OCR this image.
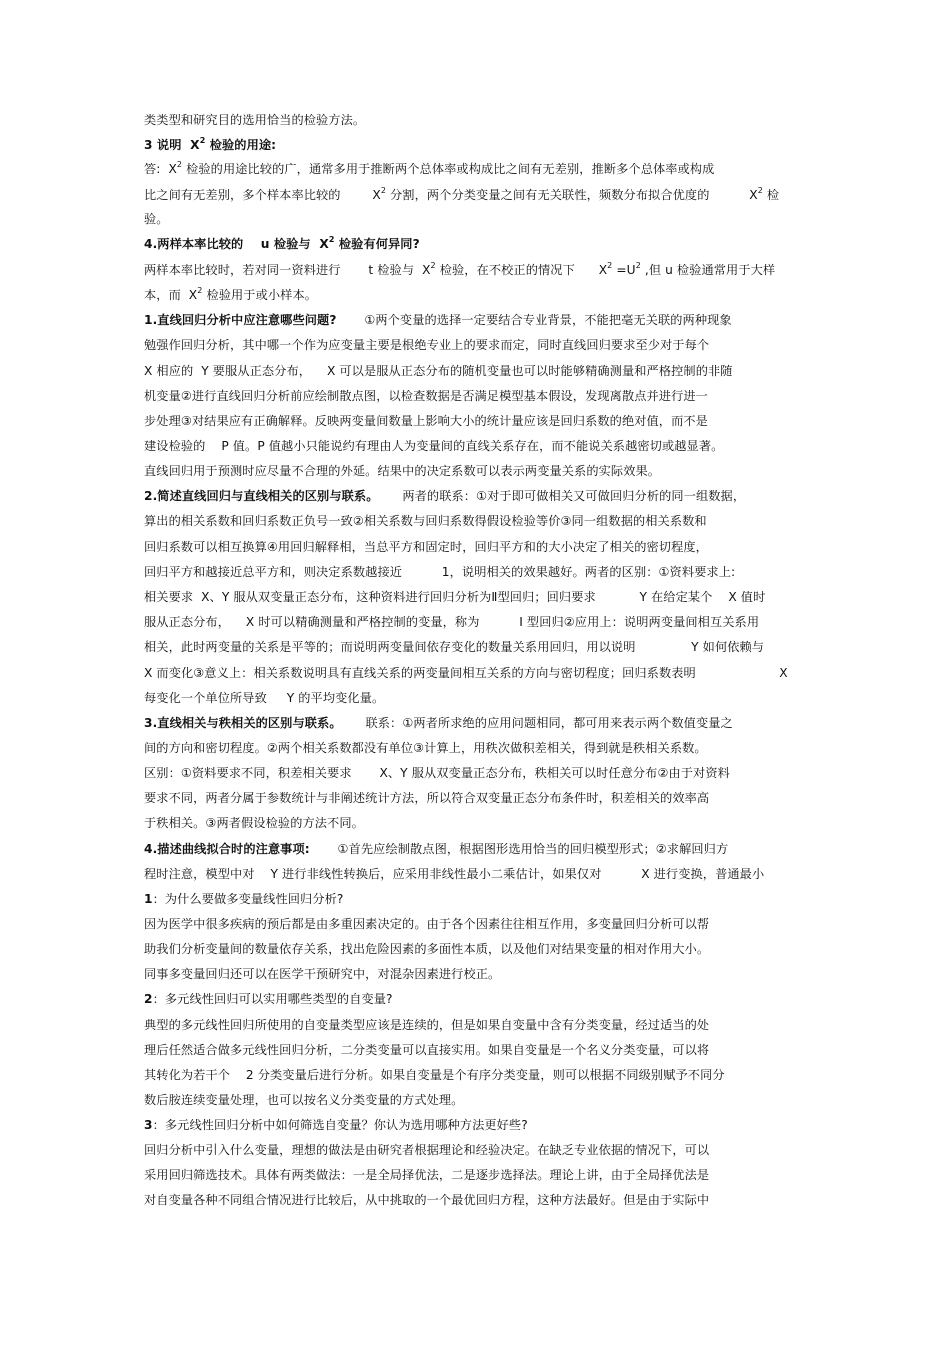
类类型和研究目的选用恰当的检验方法。
3 说明  $X^2$ 检验的用途:
答:  $X^2$ 检验的用途比较的广，通常多用于推断两个总体率或构成比之间有无差别，推断多个总体率或构成
比之间有无差别，多个样本率比较的        $X^2$ 分割，两个分类变量之间有无关联性，频数分布拟合优度的          $X^2$ 检
验。
4.两样本率比较的    u 检验与  $X^2$ 检验有何异同?
两样本率比较时，若对同一资料进行       t 检验与  $X^2$ 检验，在不校正的情况下      $X^2 =U^2$ ,但 u 检验通常用于大样
本，而  $X^2$ 检验用于或小样本。
1.直线回归分析中应注意哪些问题?       ①两个变量的选择一定要结合专业背景，不能把毫无关联的两种现象
勉强作回归分析，其中哪一个作为应变量主要是根绝专业上的要求而定，同时直线回归要求至少对于每个
X 相应的  Y 要服从正态分布，    X 可以是服从正态分布的随机变量也可以时能够精确测量和严格控制的非随
机变量②进行直线回归分析前应绘制散点图，以检查数据是否满足模型基本假设，发现离散点并进行进一
步处理③对结果应有正确解释。反映两变量间数量上影响大小的统计量应该是回归系数的绝对值，而不是
建设检验的    P 值。P 值越小只能说约有理由人为变量间的直线关系存在，而不能说关系越密切或越显著。
直线回归用于预测时应尽量不合理的外延。结果中的决定系数可以表示两变量关系的实际效果。
2.简述直线回归与直线相关的区别与联系。      两者的联系：①对于即可做相关又可做回归分析的同一组数据，
算出的相关系数和回归系数正负号一致②相关系数与回归系数得假设检验等价③同一组数据的相关系数和
回归系数可以相互换算④用回归解释相，当总平方和固定时，回归平方和的大小决定了相关的密切程度，
回归平方和越接近总平方和，则决定系数越接近          1，说明相关的效果越好。两者的区别：①资料要求上:
相关要求  X、Y 服从双变量正态分布，这种资料进行回归分析为Ⅱ型回归；回归要求           Y 在给定某个    X 值时
服从正态分布，    X 时可以精确测量和严格控制的变量，称为          Ⅰ 型回归②应用上：说明两变量间相互关系用
相关，此时两变量的关系是平等的；而说明两变量间依存变化的数量关系用回归，用以说明              Y 如何依赖与
X 而变化③意义上：相关系数说明具有直线关系的两变量间相互关系的方向与密切程度；回归系数表明                     X
每变化一个单位所导致     Y 的平均变化量。
3.直线相关与秩相关的区别与联系。      联系：①两者所求绝的应用问题相同，都可用来表示两个数值变量之
间的方向和密切程度。②两个相关系数都没有单位③计算上，用秩次做积差相关，得到就是秩相关系数。
区别：①资料要求不同，积差相关要求       X、Y 服从双变量正态分布，秩相关可以时任意分布②由于对资料
要求不同，两者分属于参数统计与非阐述统计方法，所以符合双变量正态分布条件时，积差相关的效率高
于秩相关。③两者假设检验的方法不同。
4.描述曲线拟合时的注意事项:       ①首先应绘制散点图，根据图形选用恰当的回归模型形式；②求解回归方
程时注意，模型中对    Y 进行非线性转换后，应采用非线性最小二乘估计，如果仅对          X 进行变换，普通最小
1：为什么要做多变量线性回归分析?
因为医学中很多疾病的预后都是由多重因素决定的。由于各个因素往往相互作用，多变量回归分析可以帮
助我们分析变量间的数量依存关系，找出危险因素的多面性本质，以及他们对结果变量的相对作用大小。
同事多变量回归还可以在医学干预研究中，对混杂因素进行校正。
2：多元线性回归可以实用哪些类型的自变量?
典型的多元线性回归所使用的自变量类型应该是连续的，但是如果自变量中含有分类变量，经过适当的处
理后任然适合做多元线性回归分析，二分类变量可以直接实用。如果自变量是一个名义分类变量，可以将
其转化为若干个    2 分类变量后进行分析。如果自变量是个有序分类变量，则可以根据不同级别赋予不同分
数后胺连续变量处理，也可以按名义分类变量的方式处理。
3：多元线性回归分析中如何筛选自变量？你认为选用哪种方法更好些?
回归分析中引入什么变量，理想的做法是由研究者根据理论和经验决定。在缺乏专业依据的情况下，可以
采用回归筛选技术。具体有两类做法：一是全局择优法，二是逐步选择法。理论上讲，由于全局择优法是
对自变量各种不同组合情况进行比较后，从中挑取的一个最优回归方程，这种方法最好。但是由于实际中
